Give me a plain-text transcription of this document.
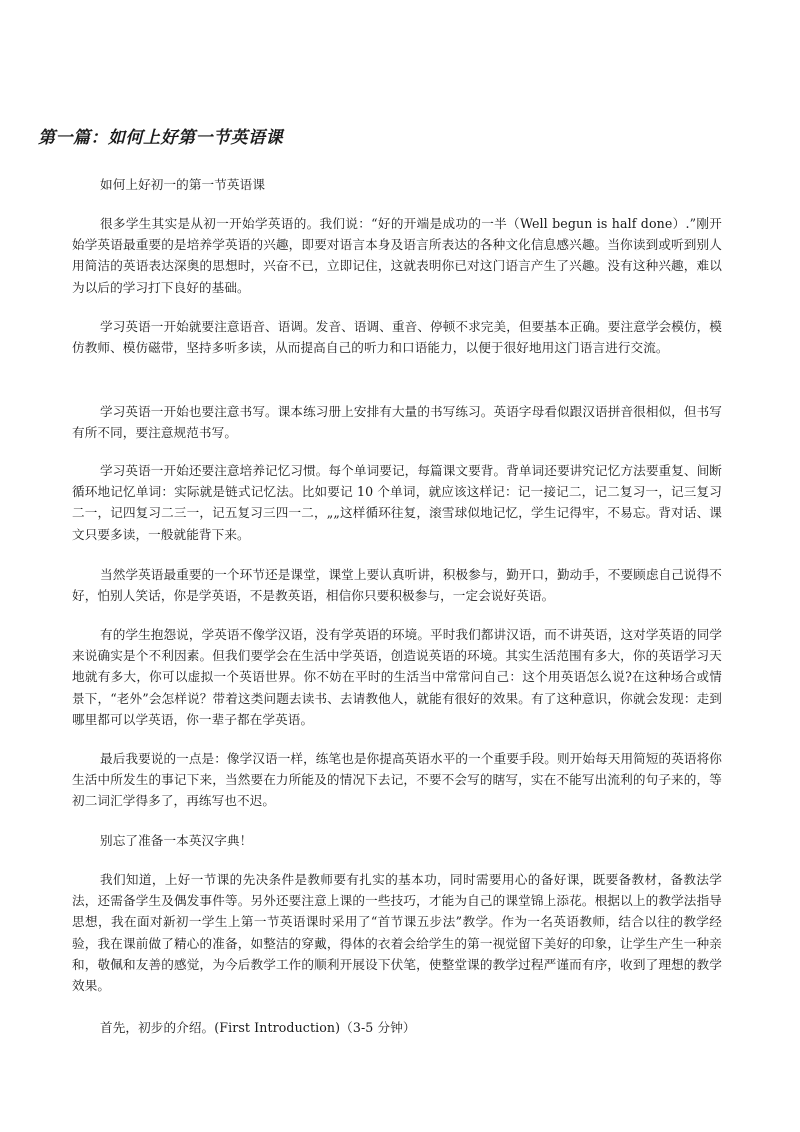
第一篇：如何上好第一节英语课

如何上好初一的第一节英语课

很多学生其实是从初一开始学英语的。我们说：“好的开端是成功的一半（Well begun is half done）.”刚开始学英语最重要的是培养学英语的兴趣，即要对语言本身及语言所表达的各种文化信息感兴趣。当你读到或听到别人用简洁的英语表达深奥的思想时，兴奋不已，立即记住，这就表明你已对这门语言产生了兴趣。没有这种兴趣，难以为以后的学习打下良好的基础。

学习英语一开始就要注意语音、语调。发音、语调、重音、停顿不求完美，但要基本正确。要注意学会模仿，模仿教师、模仿磁带，坚持多听多读，从而提高自己的听力和口语能力，以便于很好地用这门语言进行交流。

学习英语一开始也要注意书写。课本练习册上安排有大量的书写练习。英语字母看似跟汉语拼音很相似，但书写有所不同，要注意规范书写。

学习英语一开始还要注意培养记忆习惯。每个单词要记，每篇课文要背。背单词还要讲究记忆方法要重复、间断循环地记忆单词：实际就是链式记忆法。比如要记 10 个单词，就应该这样记：记一接记二，记二复习一，记三复习二一，记四复习二三一，记五复习三四一二，„„这样循环往复，滚雪球似地记忆，学生记得牢，不易忘。背对话、课文只要多读，一般就能背下来。

当然学英语最重要的一个环节还是课堂，课堂上要认真听讲，积极参与，勤开口，勤动手，不要顾虑自己说得不好，怕别人笑话，你是学英语，不是教英语，相信你只要积极参与，一定会说好英语。

有的学生抱怨说，学英语不像学汉语，没有学英语的环境。平时我们都讲汉语，而不讲英语，这对学英语的同学来说确实是个不利因素。但我们要学会在生活中学英语，创造说英语的环境。其实生活范围有多大，你的英语学习天地就有多大，你可以虚拟一个英语世界。你不妨在平时的生活当中常常问自己：这个用英语怎么说?在这种场合或情景下，“老外”会怎样说？带着这类问题去读书、去请教他人，就能有很好的效果。有了这种意识，你就会发现：走到哪里都可以学英语，你一辈子都在学英语。

最后我要说的一点是：像学汉语一样，练笔也是你提高英语水平的一个重要手段。则开始每天用简短的英语将你生活中所发生的事记下来，当然要在力所能及的情况下去记，不要不会写的瞎写，实在不能写出流利的句子来的，等初二词汇学得多了，再练写也不迟。

别忘了准备一本英汉字典！

我们知道，上好一节课的先决条件是教师要有扎实的基本功，同时需要用心的备好课，既要备教材，备教法学法，还需备学生及偶发事件等。另外还要注意上课的一些技巧，才能为自己的课堂锦上添花。根据以上的教学法指导思想，我在面对新初一学生上第一节英语课时采用了“首节课五步法”教学。作为一名英语教师，结合以往的教学经验，我在课前做了精心的准备，如整洁的穿戴，得体的衣着会给学生的第一视觉留下美好的印象，让学生产生一种亲和，敬佩和友善的感觉，为今后教学工作的顺利开展设下伏笔，使整堂课的教学过程严谨而有序，收到了理想的教学效果。

首先，初步的介绍。(First Introduction)（3-5 分钟）
